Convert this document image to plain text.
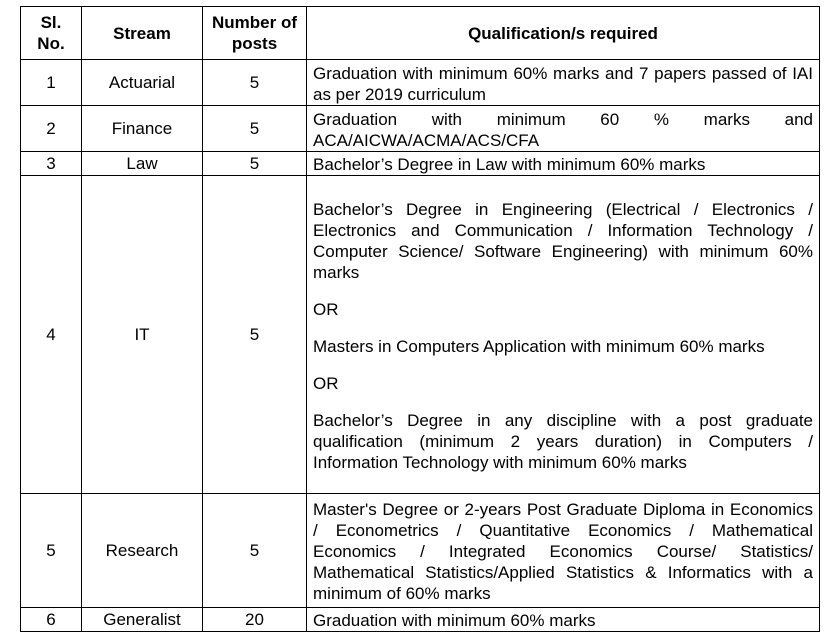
Sl. No.	Stream	Number of posts	Qualification/s required
1	Actuarial	5	Graduation with minimum 60% marks and 7 papers passed of IAI as per 2019 curriculum

2	Finance	5	Graduation with minimum 60 % marks and ACA/AICWA/ACMA/ACS/CFA

3	Law	5	Bachelor’s Degree in Law with minimum 60% marks

4	IT	5	Bachelor’s Degree in Engineering (Electrical / Electronics / Electronics and Communication / Information Technology / Computer Science/ Software Engineering) with minimum 60% marks

OR

Masters in Computers Application with minimum 60% marks

OR

Bachelor’s Degree in any discipline with a post graduate qualification (minimum 2 years duration) in Computers / Information Technology with minimum 60% marks

5	Research	5	Master's Degree or 2-years Post Graduate Diploma in Economics / Econometrics / Quantitative Economics / Mathematical Economics / Integrated Economics Course/ Statistics/ Mathematical Statistics/Applied Statistics & Informatics with a minimum of 60% marks

6	Generalist	20	Graduation with minimum 60% marks
